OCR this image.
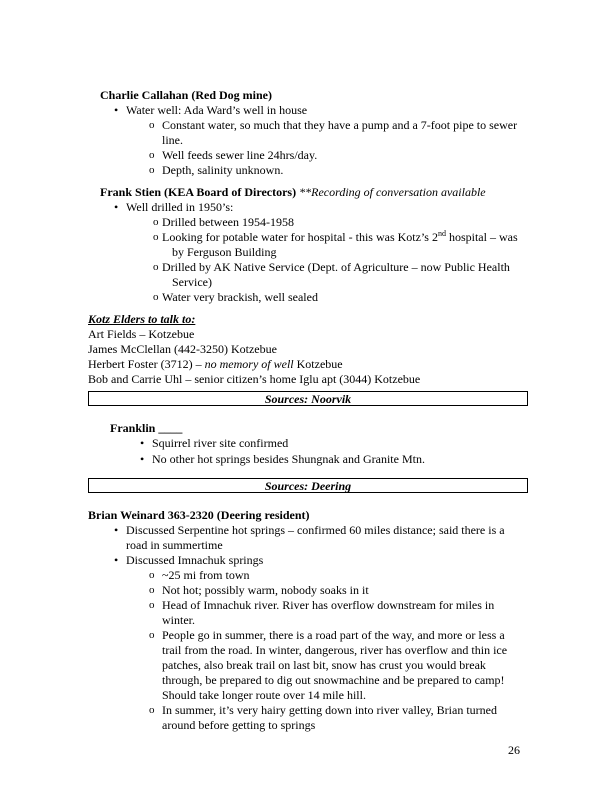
Charlie Callahan (Red Dog mine)
• Water well: Ada Ward’s well in house
o Constant water, so much that they have a pump and a 7-foot pipe to sewer
line.
o Well feeds sewer line 24hrs/day.
o Depth, salinity unknown.
Frank Stien (KEA Board of Directors) **Recording of conversation available
• Well drilled in 1950’s:
o Drilled between 1954-1958
o Looking for potable water for hospital - this was Kotz’s 2nd hospital – was
by Ferguson Building
o Drilled by AK Native Service (Dept. of Agriculture – now Public Health
Service)
o Water very brackish, well sealed
Kotz Elders to talk to:
Art Fields – Kotzebue
James McClellan (442-3250) Kotzebue
Herbert Foster (3712) – no memory of well Kotzebue
Bob and Carrie Uhl – senior citizen’s home Iglu apt (3044) Kotzebue
Sources: Noorvik
Franklin ____
• Squirrel river site confirmed
• No other hot springs besides Shungnak and Granite Mtn.
Sources: Deering
Brian Weinard 363-2320 (Deering resident)
• Discussed Serpentine hot springs – confirmed 60 miles distance; said there is a
road in summertime
• Discussed Imnachuk springs
o ~25 mi from town
o Not hot; possibly warm, nobody soaks in it
o Head of Imnachuk river. River has overflow downstream for miles in
winter.
o People go in summer, there is a road part of the way, and more or less a
trail from the road. In winter, dangerous, river has overflow and thin ice
patches, also break trail on last bit, snow has crust you would break
through, be prepared to dig out snowmachine and be prepared to camp!
Should take longer route over 14 mile hill.
o In summer, it’s very hairy getting down into river valley, Brian turned
around before getting to springs
26
